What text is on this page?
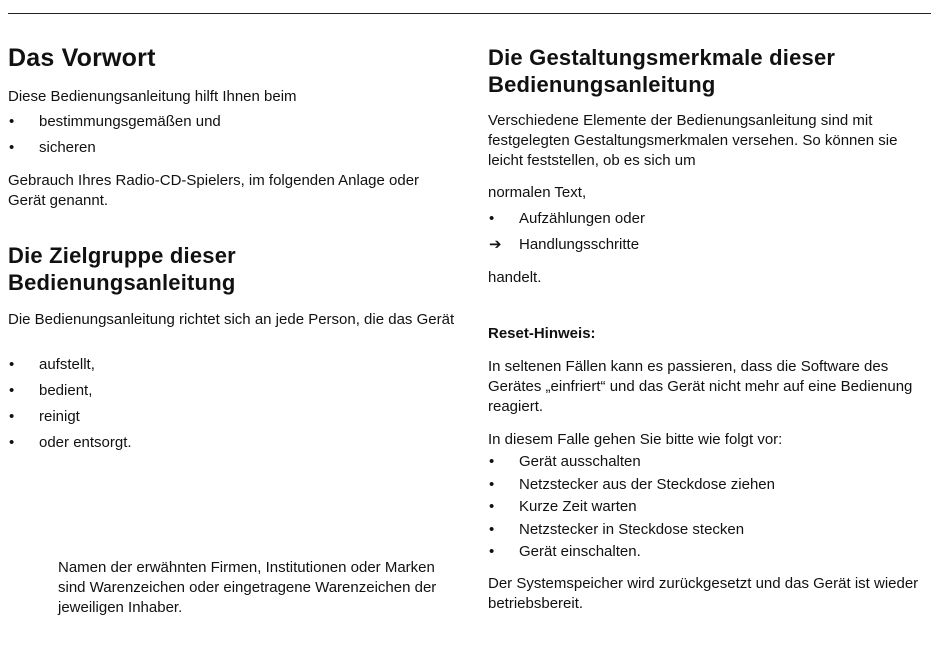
Das Vorwort

Diese Bedienungsanleitung hilft Ihnen beim

•	bestimmungsgemäßen und
•	sicheren

Gebrauch Ihres Radio-CD-Spielers, im folgenden Anlage oder Gerät genannt.

Die Zielgruppe dieser
Bedienungsanleitung

Die Bedienungsanleitung richtet sich an jede Person, die das Gerät

•	aufstellt,
•	bedient,
•	reinigt
•	oder entsorgt.

Namen der erwähnten Firmen, Institutionen oder Marken sind Warenzeichen oder eingetragene Warenzeichen der jeweiligen Inhaber.

Die Gestaltungsmerkmale dieser
Bedienungsanleitung

Verschiedene Elemente der Bedienungsanleitung sind mit festgelegten Gestaltungsmerkmalen versehen. So können sie leicht feststellen, ob es sich um

normalen Text,

•	Aufzählungen oder
➔	Handlungsschritte

handelt.

Reset-Hinweis:

In seltenen Fällen kann es passieren, dass die Software des Gerätes „einfriert“ und das Gerät nicht mehr auf eine Bedienung reagiert.

In diesem Falle gehen Sie bitte wie folgt vor:

•	Gerät ausschalten
•	Netzstecker aus der Steckdose ziehen
•	Kurze Zeit warten
•	Netzstecker in Steckdose stecken
•	Gerät einschalten.

Der Systemspeicher wird zurückgesetzt und das Gerät ist wieder betriebsbereit.
